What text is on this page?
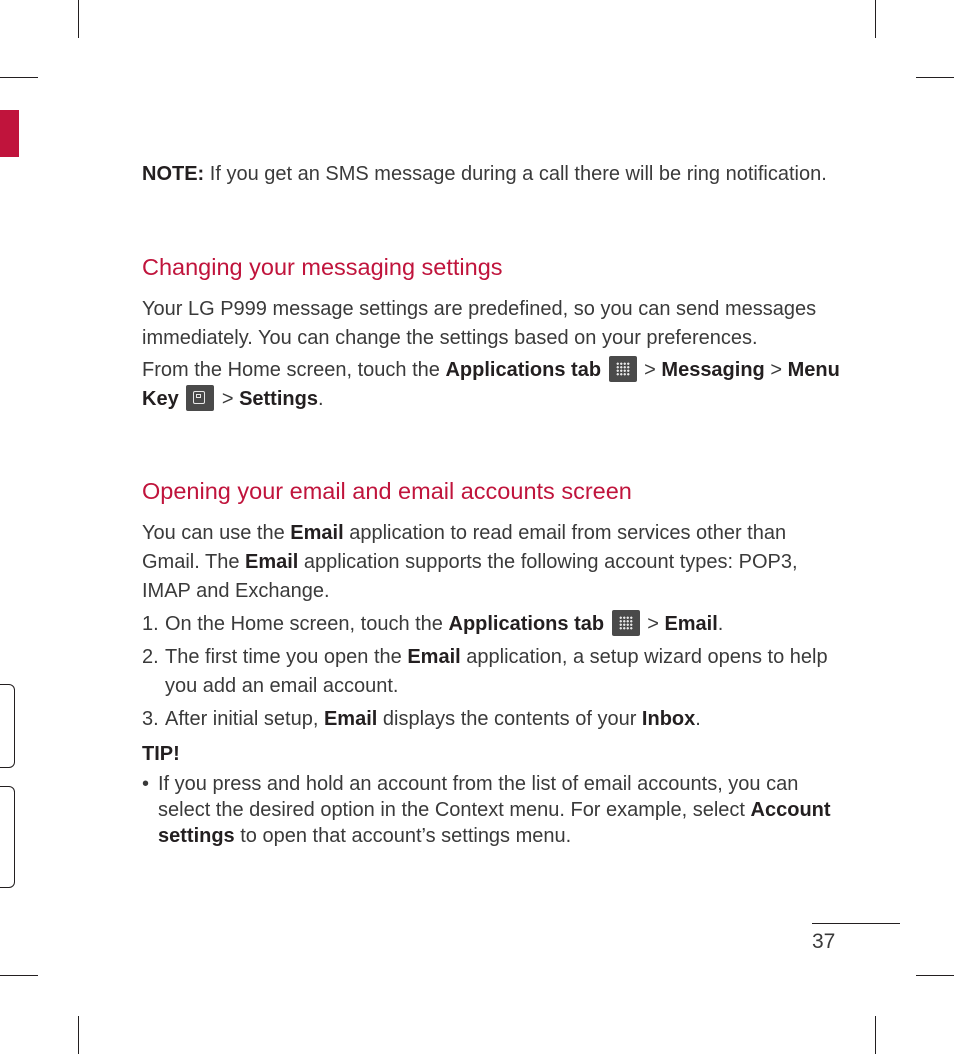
NOTE: If you get an SMS message during a call there will be ring notification.

Changing your messaging settings

Your LG P999 message settings are predefined, so you can send messages immediately. You can change the settings based on your preferences.

From the Home screen, touch the Applications tab
> Messaging > Menu Key
> Settings.

Opening your email and email accounts screen

You can use the Email application to read email from services other than Gmail. The Email application supports the following account types: POP3, IMAP and Exchange.

1. On the Home screen, touch the Applications tab
> Email.
2. The first time you open the Email application, a setup wizard opens to help you add an email account.
3. After initial setup, Email displays the contents of your Inbox.

TIP!

• If you press and hold an account from the list of email accounts, you can select the desired option in the Context menu. For example, select Account settings to open that account’s settings menu.
37
